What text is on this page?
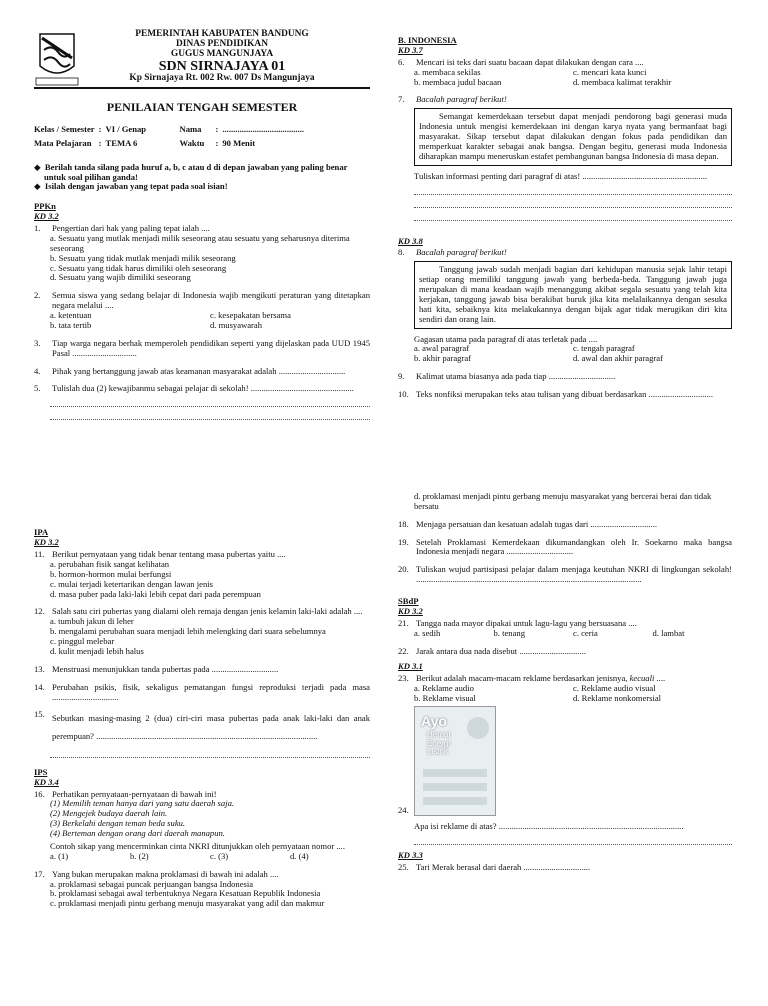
PEMERINTAH KABUPATEN BANDUNG
DINAS PENDIDIKAN
GUGUS MANGUNJAYA
SDN SIRNAJAYA 01
Kp Sirnajaya Rt. 002 Rw. 007 Ds Mangunjaya
PENILAIAN TENGAH SEMESTER
Kelas / Semester	:	VI / Genap	Nama	:	......................................
Mata Pelajaran	:	TEMA 6	Waktu	:	90 Menit
◆  Berilah tanda silang pada huruf a, b, c atau d di depan jawaban yang paling benar untuk soal pilihan ganda!
◆  Isilah dengan jawaban yang tepat pada soal isian!
PPKn
KD 3.2
1.	Pengertian dari hak yang paling tepat ialah ....
a. Sesuatu yang mutlak menjadi milik seseorang atau sesuatu yang seharusnya diterima seseorang
b. Sesuatu yang tidak mutlak menjadi milik seseorang
c. Sesuatu yang tidak harus dimiliki oleh seseorang
d. Sesuatu yang wajib dimiliki seseorang
2.	Semua siswa yang sedang belajar di Indonesia wajib mengikuti peraturan yang ditetapkan negara melalui ....
a. ketentuan	c. kesepakatan bersama
b. tata tertib	d. musyawarah
3.	Tiap warga negara berhak memperoleh pendidikan seperti yang dijelaskan pada UUD 1945 Pasal ..............................
4.	Pihak yang bertanggung jawab atas keamanan masyarakat adalah ...............................
5.	Tulislah dua (2) kewajibanmu sebagai pelajar di sekolah! ................................................
IPA
KD 3.2
11. Berikut pernyataan yang tidak benar tentang masa pubertas yaitu ....
a. perubahan fisik sangat kelihatan
b. hormon-hormon mulai berfungsi
c. mulai terjadi ketertarikan dengan lawan jenis
d. masa puber pada laki-laki lebih cepat dari pada perempuan
12. Salah satu ciri pubertas yang dialami oleh remaja dengan jenis kelamin laki-laki adalah ....
a. tumbuh jakun di leher
b. mengalami perubahan suara menjadi lebih melengking dari suara sebelumnya
c. pinggul melebar
d. kulit menjadi lebih halus
13. Menstruasi menunjukkan tanda pubertas pada ...............................
14. Perubahan psikis, fisik, sekaligus pematangan fungsi reproduksi terjadi pada masa ...............................
15. Sebutkan masing-masing 2 (dua) ciri-ciri masa pubertas pada anak laki-laki dan anak perempuan? .......................................................................................................
IPS
KD 3.4
16. Perhatikan pernyataan-pernyataan di bawah ini!
(1) Memilih teman hanya dari yang satu daerah saja.
(2) Mengejek budaya daerah lain.
(3) Berkelahi dengan teman beda suku.
(4) Berteman dengan orang dari daerah manapun.
Contoh sikap yang mencerminkan cinta NKRI ditunjukkan oleh pernyataan nomor ....
a. (1)	b. (2)	c. (3)	d. (4)
17. Yang bukan merupakan makna proklamasi di bawah ini adalah ....
a. proklamasi sebagai puncak perjuangan bangsa Indonesia
b. proklamasi sebagai awal terbentuknya Negara Kesatuan Republik Indonesia
c. proklamasi menjadi pintu gerbang menuju masyarakat yang adil dan makmur
B. INDONESIA
KD 3.7
6.	Mencari isi teks dari suatu bacaan dapat dilakukan dengan cara ....
a. membaca sekilas	c. mencari kata kunci
b. membaca judul bacaan	d. membaca kalimat terakhir
7.	Bacalah paragraf berikut!

Semangat kemerdekaan tersebut dapat menjadi pendorong bagi generasi muda Indonesia untuk mengisi kemerdekaan ini dengan karya nyata yang bermanfaat bagi masyarakat. Sikap tersebut dapat dilakukan dengan fokus pada pendidikan dan memperkuat karakter sebagai anak bangsa. Dengan begitu, generasi muda Indonesia diharapkan mampu meneruskan estafet pembangunan bangsa Indonesia di masa depan.

Tuliskan informasi penting dari paragraf di atas! ..........................................................
KD 3.8
8.	Bacalah paragraf berikut!

Tanggung jawab sudah menjadi bagian dari kehidupan manusia sejak lahir tetapi setiap orang memiliki tanggung jawab yang berbeda-beda. Tanggung jawab juga merupakan di mana keadaan wajib menanggung akibat segala sesuatu yang telah kita kerjakan, tanggung jawab bisa berakibat buruk jika kita melalaikannya dengan sesuka hati kita, sebaiknya kita melakukannya dengan bijak agar tidak merugikan diri kita sendiri dan orang lain.

Gagasan utama pada paragraf di atas terletak pada ....
a. awal paragraf	c. tengah paragraf
b. akhir paragraf	d. awal dan akhir paragraf
9.	Kalimat utama biasanya ada pada tiap ...............................
10. Teks nonfiksi merupakan teks atau tulisan yang dibuat berdasarkan ..............................
d. proklamasi menjadi pintu gerbang menuju masyarakat yang bercerai berai dan tidak bersatu
18. Menjaga persatuan dan kesatuan adalah tugas dari ...............................
19. Setelah Proklamasi Kemerdekaan dikumandangkan oleh Ir. Soekarno maka bangsa Indonesia menjadi negara ...............................
20. Tuliskan wujud partisipasi pelajar dalam menjaga keutuhan NKRI di lingkungan sekolah! .........................................................................................................
SBdP
KD 3.2
21. Tangga nada mayor dipakai untuk lagu-lagu yang bersuasana ....
a. sedih	b. tenang	c. ceria	d. lambat
22. Jarak antara dua nada disebut ...............................
KD 3.1
23. Berikut adalah macam-macam reklame berdasarkan jenisnya, kecuali ....
a. Reklame audio	c. Reklame audio visual
b. Reklame visual	d. Reklame nonkomersial
Ayo
Hemat
Energi
Listrik
24.
Apa isi reklame di atas? ......................................................................................
KD 3.3
25. Tari Merak berasal dari daerah ...............................
